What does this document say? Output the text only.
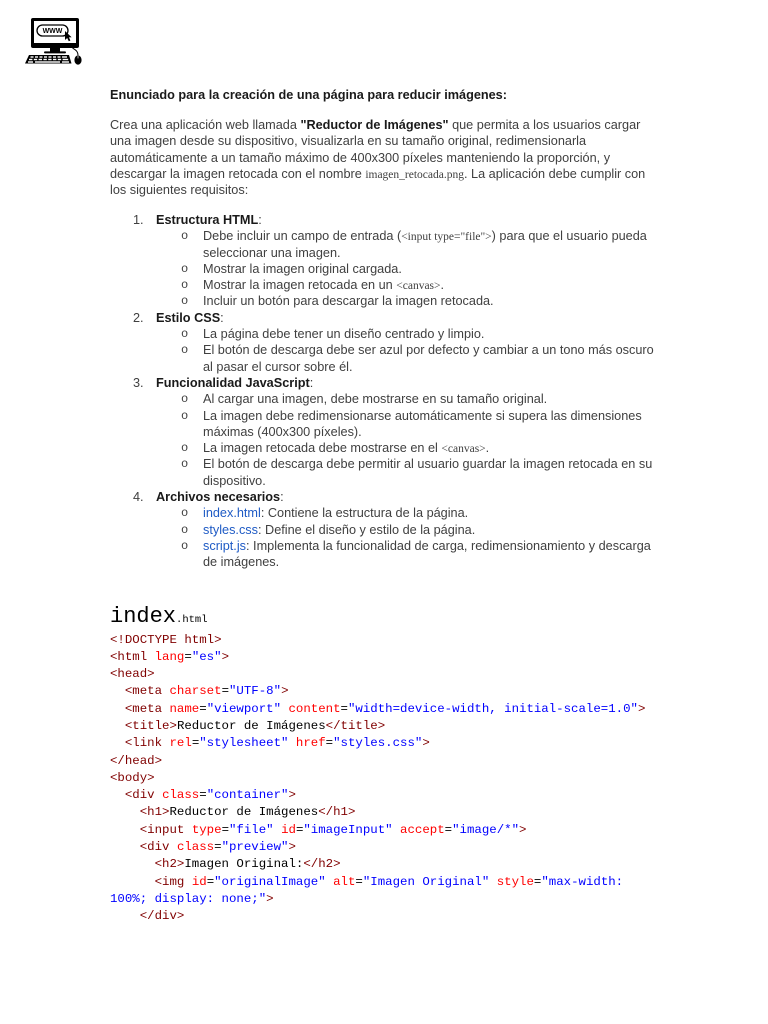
WWW
Enunciado para la creación de una página para reducir imágenes:

Crea una aplicación web llamada "Reductor de Imágenes" que permita a los usuarios cargar una imagen desde su dispositivo, visualizarla en su tamaño original, redimensionarla automáticamente a un tamaño máximo de 400x300 píxeles manteniendo la proporción, y descargar la imagen retocada con el nombre imagen_retocada.png. La aplicación debe cumplir con los siguientes requisitos:

1. Estructura HTML:
o Debe incluir un campo de entrada (<input type="file">) para que el usuario pueda seleccionar una imagen.
o Mostrar la imagen original cargada.
o Mostrar la imagen retocada en un <canvas>.
o Incluir un botón para descargar la imagen retocada.
2. Estilo CSS:
o La página debe tener un diseño centrado y limpio.
o El botón de descarga debe ser azul por defecto y cambiar a un tono más oscuro al pasar el cursor sobre él.
3. Funcionalidad JavaScript:
o Al cargar una imagen, debe mostrarse en su tamaño original.
o La imagen debe redimensionarse automáticamente si supera las dimensiones máximas (400x300 píxeles).
o La imagen retocada debe mostrarse en el <canvas>.
o El botón de descarga debe permitir al usuario guardar la imagen retocada en su dispositivo.
4. Archivos necesarios:
o index.html: Contiene la estructura de la página.
o styles.css: Define el diseño y estilo de la página.
o script.js: Implementa la funcionalidad de carga, redimensionamiento y descarga de imágenes.
index.html
<!DOCTYPE html>
<html lang="es">
<head>
<meta charset="UTF-8">
<meta name="viewport" content="width=device-width, initial-scale=1.0">
<title>Reductor de Imágenes</title>
<link rel="stylesheet" href="styles.css">
</head>
<body>
<div class="container">
<h1>Reductor de Imágenes</h1>
<input type="file" id="imageInput" accept="image/*">
<div class="preview">
<h2>Imagen Original:</h2>
<img id="originalImage" alt="Imagen Original" style="max-width: 100%; display: none;">
</div>
